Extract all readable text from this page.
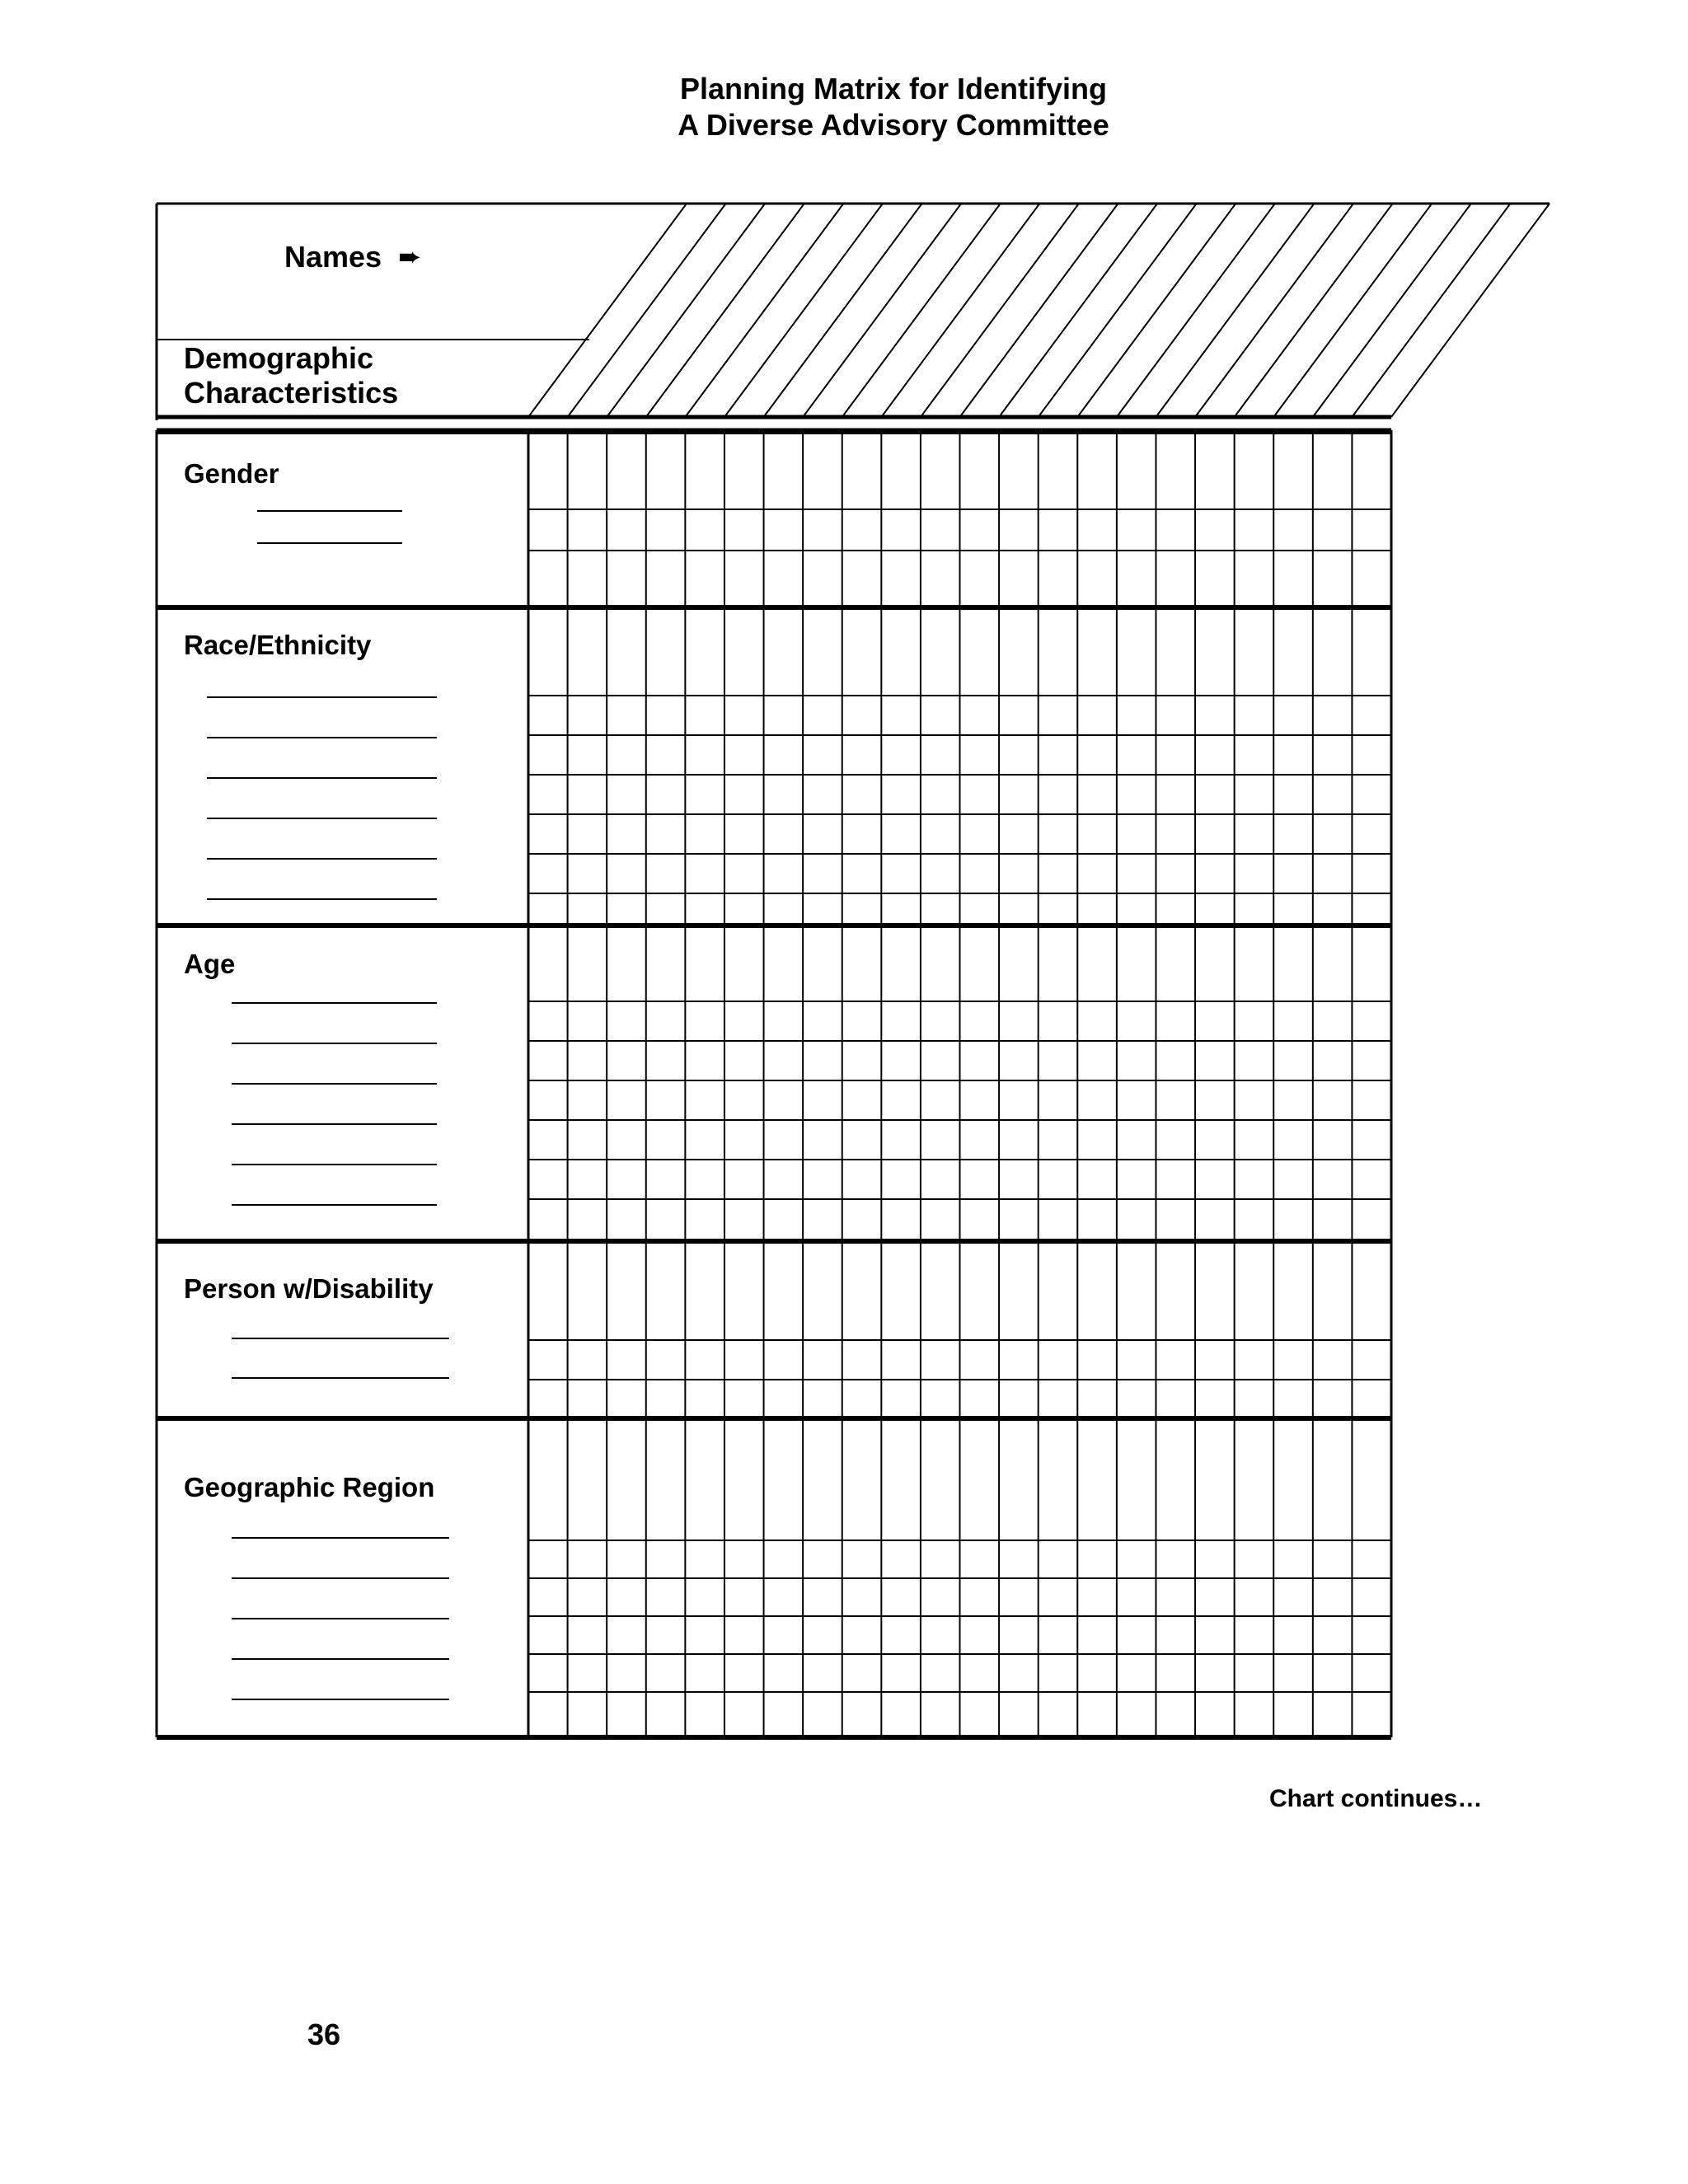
Planning Matrix for Identifying
A Diverse Advisory Committee
Names ➨
Demographic
Characteristics
Gender
Race/Ethnicity
Age
Person w/Disability
Geographic Region
Chart continues…
36
